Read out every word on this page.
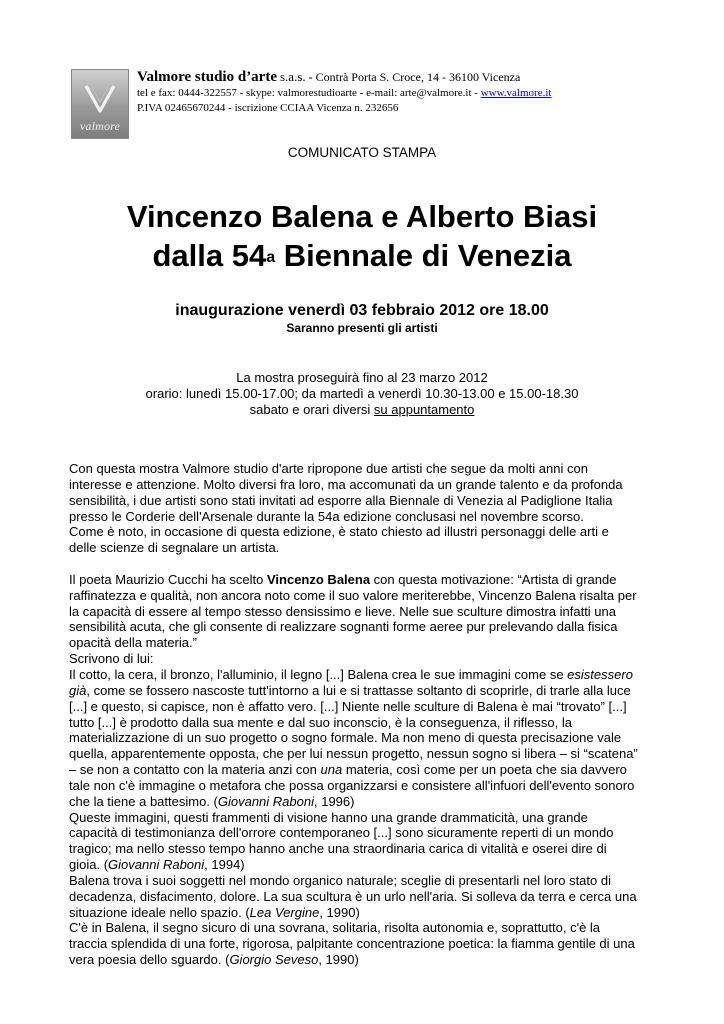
valmore
Valmore studio d’arte s.a.s. - Contrà Porta S. Croce, 14 - 36100 Vicenza
tel e fax: 0444-322557 - skype: valmorestudioarte - e-mail: arte@valmore.it - www.valmore.it
P.IVA 02465670244 - iscrizione CCIAA Vicenza n. 232656
COMUNICATO STAMPA
Vincenzo Balena e Alberto Biasi
dalla 54$^a$ Biennale di Venezia
inaugurazione venerdì 03 febbraio 2012 ore 18.00
Saranno presenti gli artisti
La mostra proseguirà fino al 23 marzo 2012
orario: lunedì 15.00-17.00; da martedì a venerdì 10.30-13.00 e 15.00-18.30
sabato e orari diversi su appuntamento

Con questa mostra Valmore studio d'arte ripropone due artisti che segue da molti anni con

interesse e attenzione. Molto diversi fra loro, ma accomunati da un grande talento e da profonda

sensibilità, i due artisti sono stati invitati ad esporre alla Biennale di Venezia al Padiglione Italia

presso le Corderie dell'Arsenale durante la 54a edizione conclusasi nel novembre scorso.

Come è noto, in occasione di questa edizione, è stato chiesto ad illustri personaggi delle arti e

delle scienze di segnalare un artista.

Il poeta Maurizio Cucchi ha scelto Vincenzo Balena con questa motivazione: “Artista di grande

raffinatezza e qualità, non ancora noto come il suo valore meriterebbe, Vincenzo Balena risalta per

la capacità di essere al tempo stesso densissimo e lieve. Nelle sue sculture dimostra infatti una

sensibilità acuta, che gli consente di realizzare sognanti forme aeree pur prelevando dalla fisica

opacità della materia.”

Scrivono di lui:

Il cotto, la cera, il bronzo, l'alluminio, il legno [...] Balena crea le sue immagini come se esistessero

già, come se fossero nascoste tutt'intorno a lui e si trattasse soltanto di scoprirle, di trarle alla luce

[...] e questo, si capisce, non è affatto vero. [...] Niente nelle sculture di Balena è mai “trovato” [...]

tutto [...] è prodotto dalla sua mente e dal suo inconscio, è la conseguenza, il riflesso, la

materializzazione di un suo progetto o sogno formale. Ma non meno di questa precisazione vale

quella, apparentemente opposta, che per lui nessun progetto, nessun sogno si libera – si “scatena”

– se non a contatto con la materia anzi con una materia, così come per un poeta che sia davvero

tale non c'è immagine o metafora che possa organizzarsi e consistere all'infuori dell'evento sonoro

che la tiene a battesimo. (Giovanni Raboni, 1996)

Queste immagini, questi frammenti di visione hanno una grande drammaticità, una grande

capacità di testimonianza dell'orrore contemporaneo [...] sono sicuramente reperti di un mondo

tragico; ma nello stesso tempo hanno anche una straordinaria carica di vitalità e oserei dire di

gioia. (Giovanni Raboni, 1994)

Balena trova i suoi soggetti nel mondo organico naturale; sceglie di presentarli nel loro stato di

decadenza, disfacimento, dolore. La sua scultura è un urlo nell'aria. Si solleva da terra e cerca una

situazione ideale nello spazio. (Lea Vergine, 1990)

C'è in Balena, il segno sicuro di una sovrana, solitaria, risolta autonomia e, soprattutto, c'è la

traccia splendida di una forte, rigorosa, palpitante concentrazione poetica: la fiamma gentile di una

vera poesia dello sguardo. (Giorgio Seveso, 1990)
